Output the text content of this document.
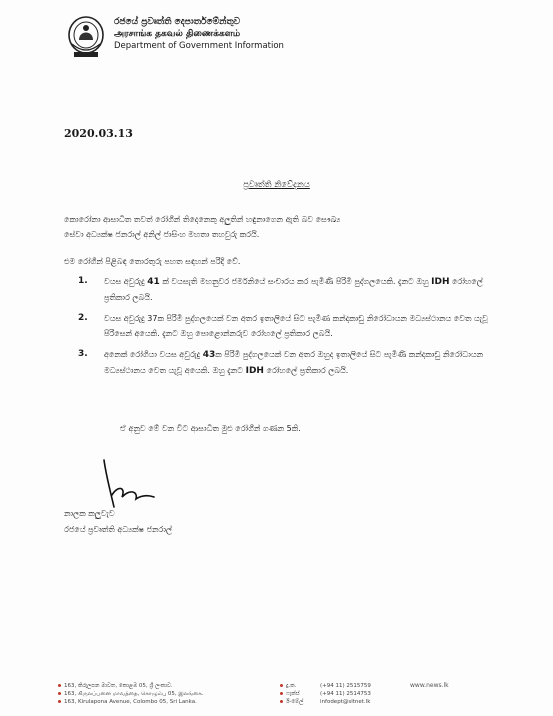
රජයේ ප්‍රවෘත්ති දෙපාර්තමේන්තුව
அரசாங்க தகவல் திணைக்களம்
Department of Government Information
2020.03.13
ප්‍රවෘත්ති නිවේදනය
කොරෝනා ආසාධිත තවත් රෝගීන් තිදෙනෙකු අලුතින් හඳුනාගෙන ඇති බව සෞඛ්‍ය
සේවා අධ්‍යක්ෂ ජනරාල් අනිල් ජාසිංහ මහතා තහවුරු කරයි.
එම රෝගීන් පිළිබඳ තොරතුරු පහත සඳහන් පරිදි වේ.
1. වයස අවුරුදු 41 ක් වයසැති මහනුවර ජර්මනියේ සංචාරය කර පැමිණි පිරිමි පුද්ගලයෙකි. දැනට ඔහු IDH රෝහලේ ප්‍රතිකාර ලබයි.
2. වයස අවුරුදු 37ක පිරිමි පුද්ගලයෙක් වන අතර ඉතාලියේ සිට පැමිණ කන්දකාඩු නිරෝධායන මධ්‍යස්ථානය වෙත යැවූ පිරිසෙන් අයෙකි. දැනට ඔහු පොළොන්නරුව රෝහලේ ප්‍රතිකාර ලබයි.
3. අනෙක් රෝගියා වයස අවුරුදු 43ක පිරිමි පුද්ගලයෙක් වන අතර ඔහුද ඉතාලියේ සිට පැමිණි කන්දකාඩු නිරෝධායන මධ්‍යස්ථානය වෙත යැවූ අයෙකි. ඔහු දැනට IDH රෝහලේ ප්‍රතිකාර ලබයි.
ඒ අනුව මේ වන විට ආසාධිත මුළු රෝගීන් ගණන 5කි.
නාලක කලුවැව
රජයේ ප්‍රවෘත්ති අධ්‍යක්ෂ ජනරාල්
163, කිරුලපන මාවත, කොළඹ 05, ශ්‍රී ලංකාව.
163, கிருலப்பனை மாவத்தை, கொழும்பு 05, இலங்கை.
163, Kirulapona Avenue, Colombo 05, Sri Lanka.
දු.ක.	(+94 11) 2515759
ෆැක්ස්	(+94 11) 2514753
ඊ-මේල්	infodept@sltnet.lk
www.news.lk
